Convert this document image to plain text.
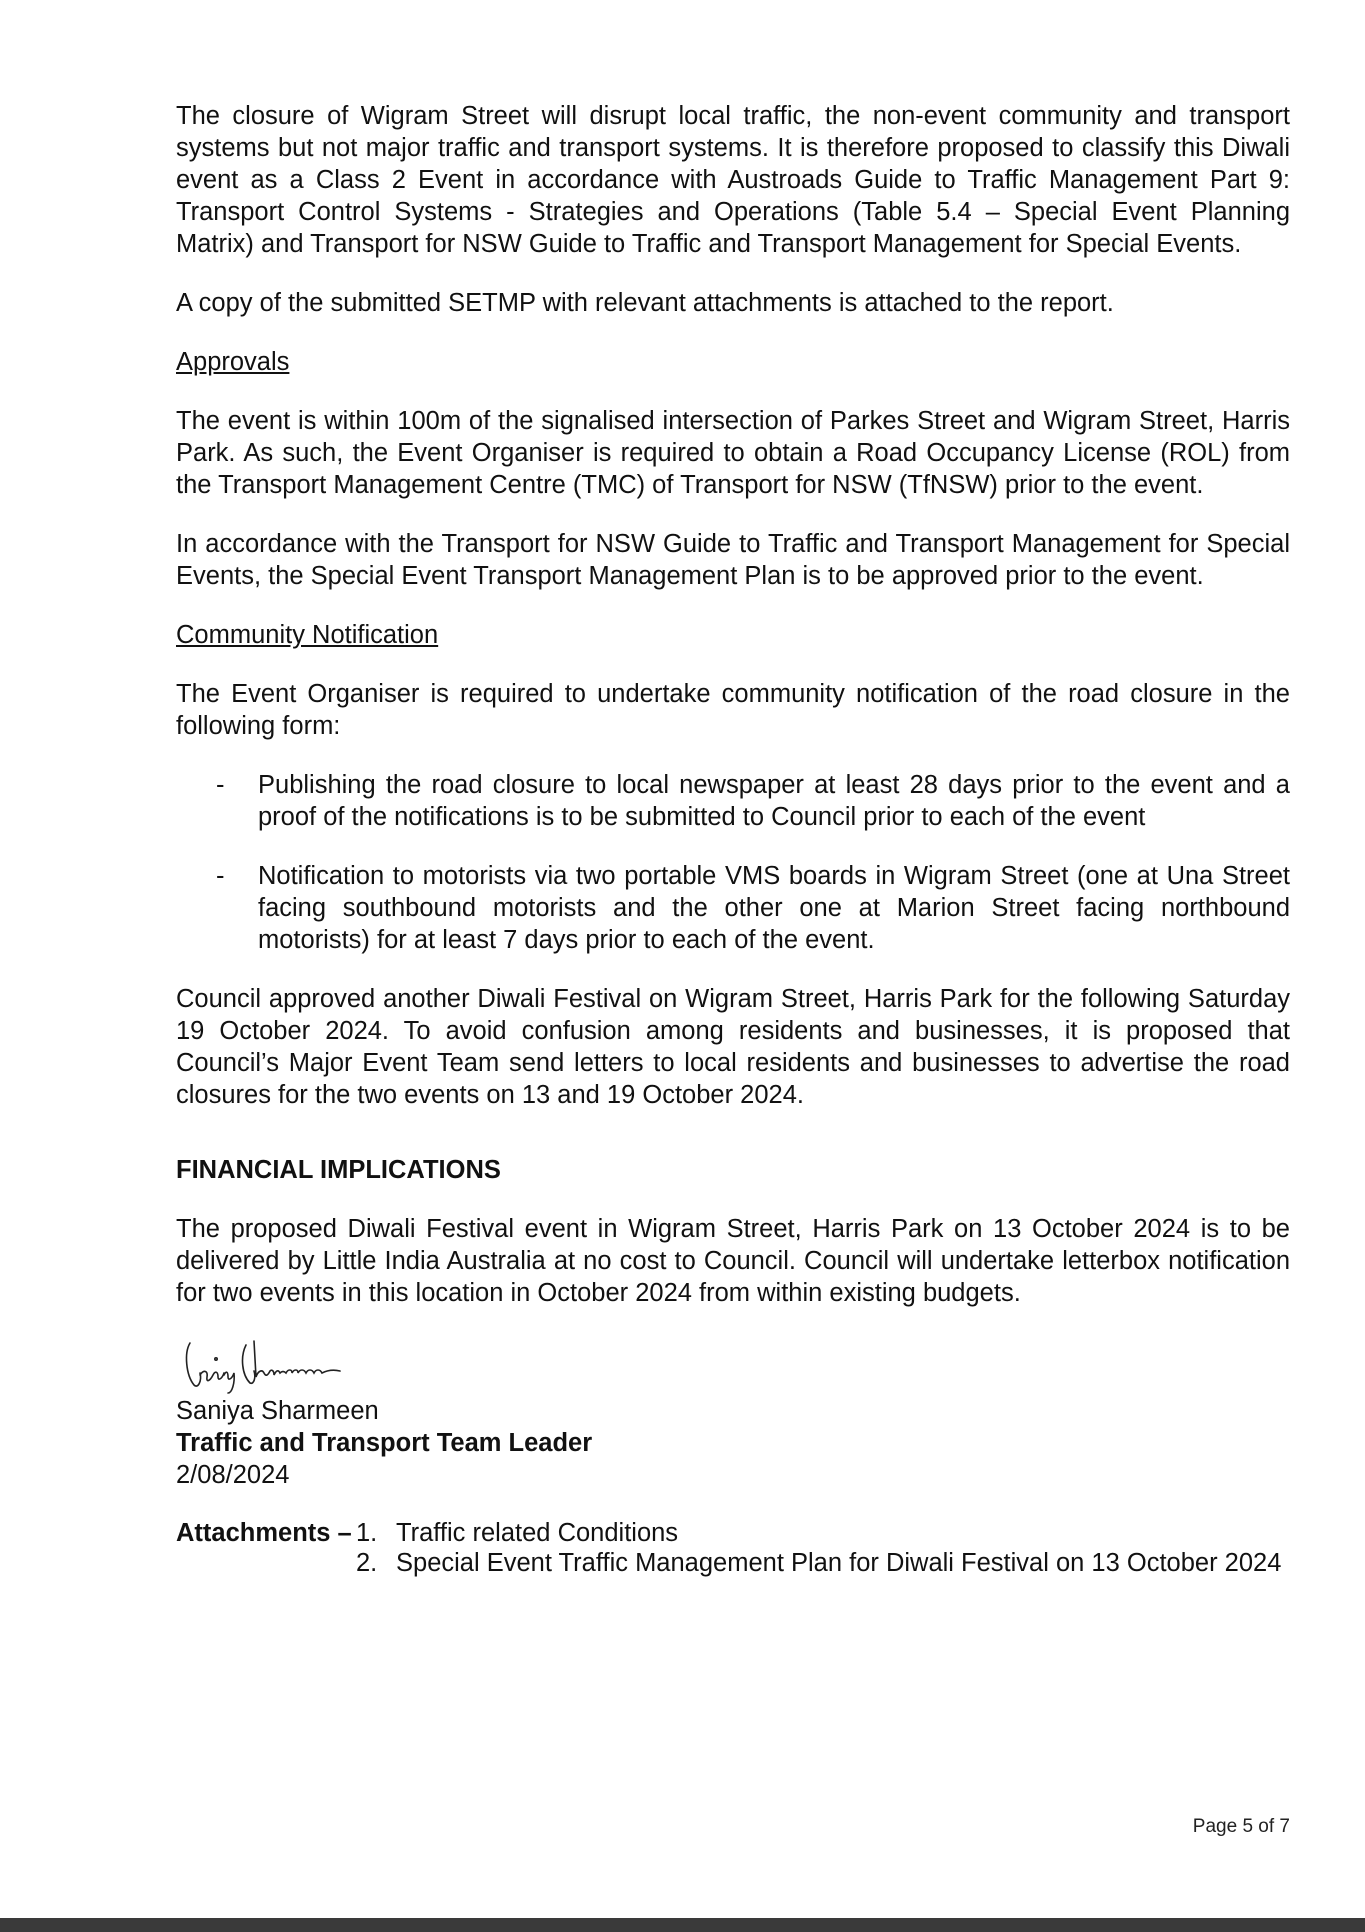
The closure of Wigram Street will disrupt local traffic, the non-event community and transport systems but not major traffic and transport systems. It is therefore proposed to classify this Diwali event as a Class 2 Event in accordance with Austroads Guide to Traffic Management Part 9: Transport Control Systems - Strategies and Operations (Table 5.4 – Special Event Planning Matrix) and Transport for NSW Guide to Traffic and Transport Management for Special Events.

A copy of the submitted SETMP with relevant attachments is attached to the report.

Approvals

The event is within 100m of the signalised intersection of Parkes Street and Wigram Street, Harris Park. As such, the Event Organiser is required to obtain a Road Occupancy License (ROL) from the Transport Management Centre (TMC) of Transport for NSW (TfNSW) prior to the event.

In accordance with the Transport for NSW Guide to Traffic and Transport Management for Special Events, the Special Event Transport Management Plan is to be approved prior to the event.

Community Notification

The Event Organiser is required to undertake community notification of the road closure in the following form:

- Publishing the road closure to local newspaper at least 28 days prior to the event and a proof of the notifications is to be submitted to Council prior to each of the event

- Notification to motorists via two portable VMS boards in Wigram Street (one at Una Street facing southbound motorists and the other one at Marion Street facing northbound motorists) for at least 7 days prior to each of the event.

Council approved another Diwali Festival on Wigram Street, Harris Park for the following Saturday 19 October 2024. To avoid confusion among residents and businesses, it is proposed that Council’s Major Event Team send letters to local residents and businesses to advertise the road closures for the two events on 13 and 19 October 2024.

FINANCIAL IMPLICATIONS

The proposed Diwali Festival event in Wigram Street, Harris Park on 13 October 2024 is to be delivered by Little India Australia at no cost to Council. Council will undertake letterbox notification for two events in this location in October 2024 from within existing budgets.

Saniya Sharmeen
Traffic and Transport Team Leader
2/08/2024
Attachments – 1. Traffic related Conditions
2. Special Event Traffic Management Plan for Diwali Festival on 13 October 2024
Page 5 of 7
